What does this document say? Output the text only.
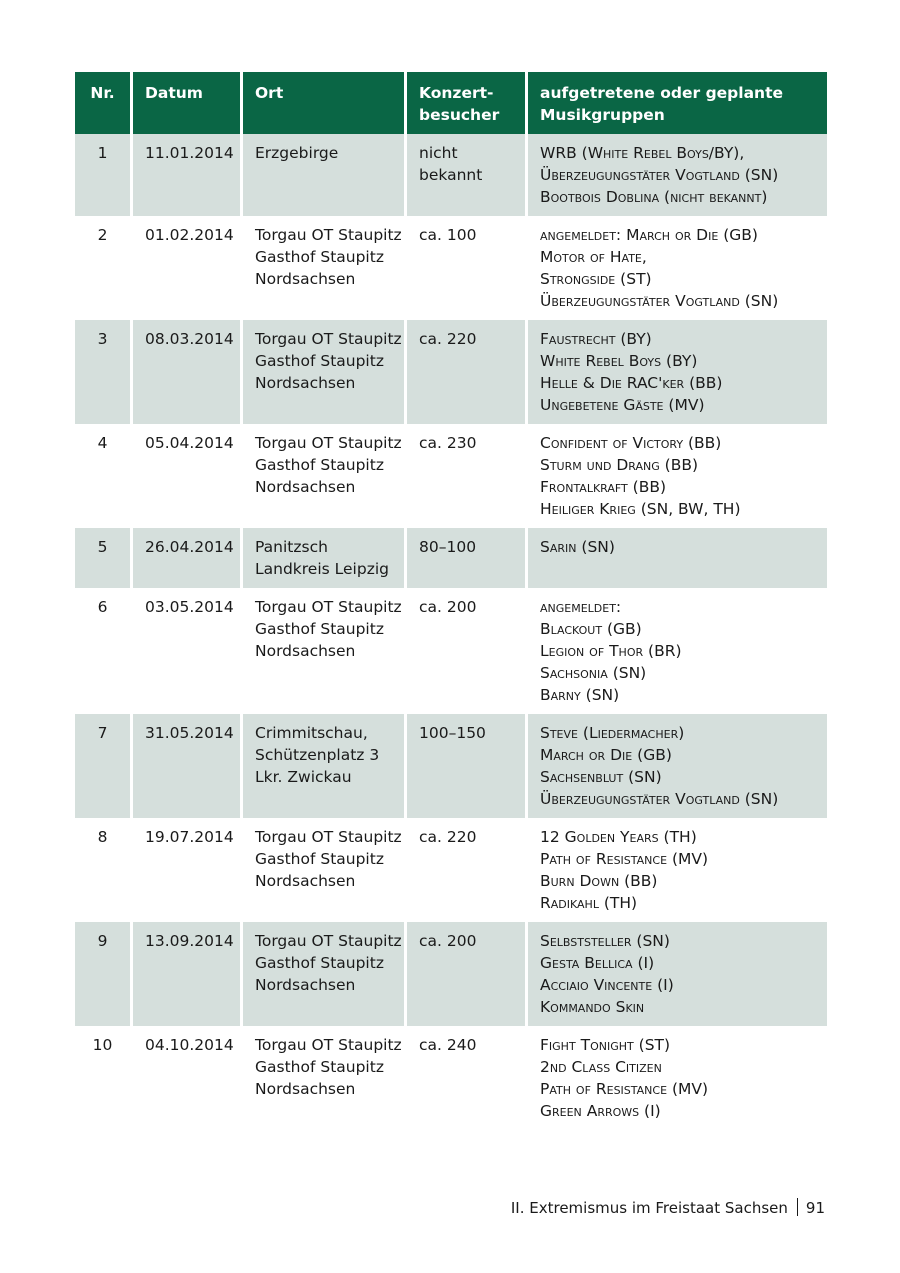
Nr.	Datum	Ort	Konzert-
besucher	aufgetretene oder geplante
Musikgruppen

1	11.01.2014	Erzgebirge	nicht
bekannt	WRB (White Rebel Boys/BY),
Überzeugungstäter Vogtland (SN)
Bootbois Doblina (nicht bekannt)

2	01.02.2014	Torgau OT Staupitz
Gasthof Staupitz
Nordsachsen	ca. 100	angemeldet: March or Die (GB)
Motor of Hate,
Strongside (ST)
Überzeugungstäter Vogtland (SN)

3	08.03.2014	Torgau OT Staupitz
Gasthof Staupitz
Nordsachsen	ca. 220	Faustrecht (BY)
White Rebel Boys (BY)
Helle & Die RAC'ker (BB)
Ungebetene Gäste (MV)

4	05.04.2014	Torgau OT Staupitz
Gasthof Staupitz
Nordsachsen	ca. 230	Confident of Victory (BB)
Sturm und Drang (BB)
Frontalkraft (BB)
Heiliger Krieg (SN, BW, TH)

5	26.04.2014	Panitzsch
Landkreis Leipzig	80–100	Sarin (SN)

6	03.05.2014	Torgau OT Staupitz
Gasthof Staupitz
Nordsachsen	ca. 200	angemeldet:
Blackout (GB)
Legion of Thor (BR)
Sachsonia (SN)
Barny (SN)

7	31.05.2014	Crimmitschau,
Schützenplatz 3
Lkr. Zwickau	100–150	Steve (Liedermacher)
March or Die (GB)
Sachsenblut (SN)
Überzeugungstäter Vogtland (SN)

8	19.07.2014	Torgau OT Staupitz
Gasthof Staupitz
Nordsachsen	ca. 220	12 Golden Years (TH)
Path of Resistance (MV)
Burn Down (BB)
Radikahl (TH)

9	13.09.2014	Torgau OT Staupitz
Gasthof Staupitz
Nordsachsen	ca. 200	Selbststeller (SN)
Gesta Bellica (I)
Acciaio Vincente (I)
Kommando Skin

10	04.10.2014	Torgau OT Staupitz
Gasthof Staupitz
Nordsachsen	ca. 240	Fight Tonight (ST)
2nd Class Citizen
Path of Resistance (MV)
Green Arrows (I)
II. Extremismus im Freistaat Sachsen 91
